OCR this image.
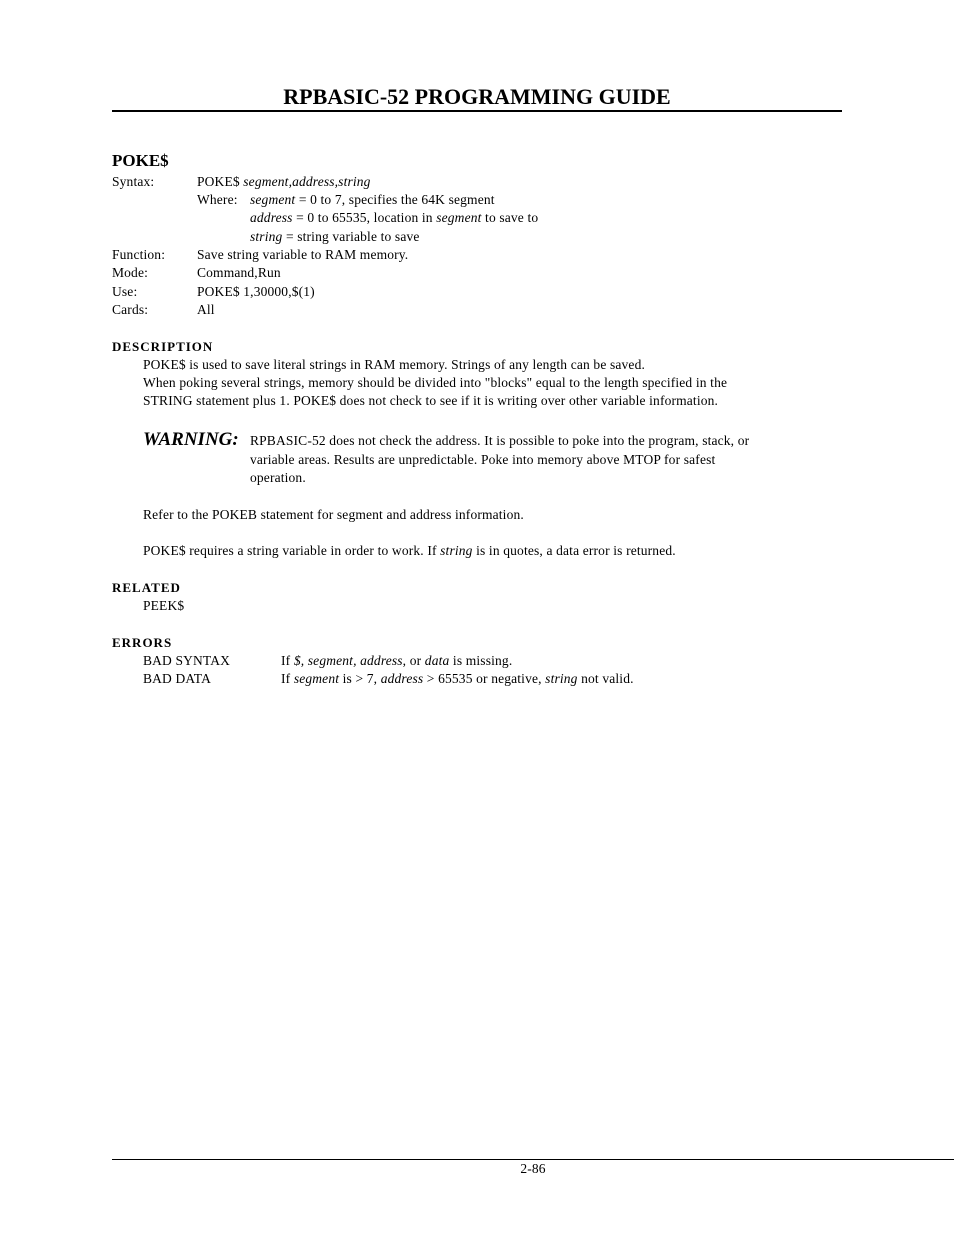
RPBASIC-52 PROGRAMMING GUIDE
POKE$
Syntax:	POKE$ segment,address,string
Where: segment = 0 to 7, specifies the 64K segment
address = 0 to 65535, location in segment to save to
string = string variable to save
Function: Save string variable to RAM memory.
Mode:	Command,Run
Use:	POKE$ 1,30000,$(1)
Cards:	All
DESCRIPTION
POKE$ is used to save literal strings in RAM memory. Strings of any length can be saved.
When poking several strings, memory should be divided into "blocks" equal to the length specified in the
STRING statement plus 1. POKE$ does not check to see if it is writing over other variable information.
WARNING: RPBASIC-52 does not check the address. It is possible to poke into the program, stack, or
variable areas. Results are unpredictable. Poke into memory above MTOP for safest
operation.
Refer to the POKEB statement for segment and address information.
POKE$ requires a string variable in order to work. If string is in quotes, a data error is returned.
RELATED
PEEK$
ERRORS
BAD SYNTAX	If $, segment, address, or data is missing.
BAD DATA	If segment is > 7, address > 65535 or negative, string not valid.
2-86
